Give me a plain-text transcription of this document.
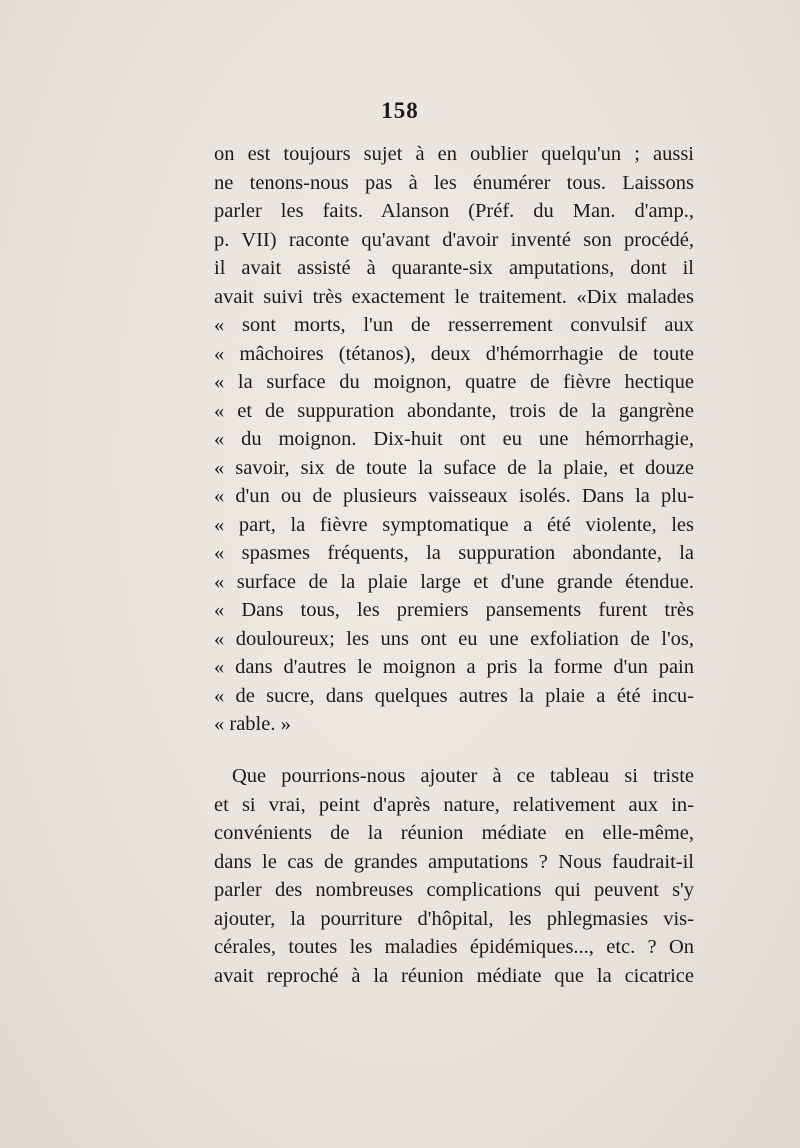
158
on est toujours sujet à en oublier quelqu'un ; aussi
ne tenons-nous pas à les énumérer tous. Laissons
parler les faits. Alanson (Préf. du Man. d'amp.,
p. VII) raconte qu'avant d'avoir inventé son procédé,
il avait assisté à quarante-six amputations, dont il
avait suivi très exactement le traitement. «Dix malades
« sont morts, l'un de resserrement convulsif aux
« mâchoires (tétanos), deux d'hémorrhagie de toute
« la surface du moignon, quatre de fièvre hectique
« et de suppuration abondante, trois de la gangrène
« du moignon. Dix-huit ont eu une hémorrhagie,
« savoir, six de toute la suface de la plaie, et douze
« d'un ou de plusieurs vaisseaux isolés. Dans la plu-
« part, la fièvre symptomatique a été violente, les
« spasmes fréquents, la suppuration abondante, la
« surface de la plaie large et d'une grande étendue.
« Dans tous, les premiers pansements furent très
« douloureux; les uns ont eu une exfoliation de l'os,
« dans d'autres le moignon a pris la forme d'un pain
« de sucre, dans quelques autres la plaie a été incu-
« rable. »
Que pourrions-nous ajouter à ce tableau si triste
et si vrai, peint d'après nature, relativement aux in-
convénients de la réunion médiate en elle-même,
dans le cas de grandes amputations ? Nous faudrait-il
parler des nombreuses complications qui peuvent s'y
ajouter, la pourriture d'hôpital, les phlegmasies vis-
cérales, toutes les maladies épidémiques..., etc. ? On
avait reproché à la réunion médiate que la cicatrice
